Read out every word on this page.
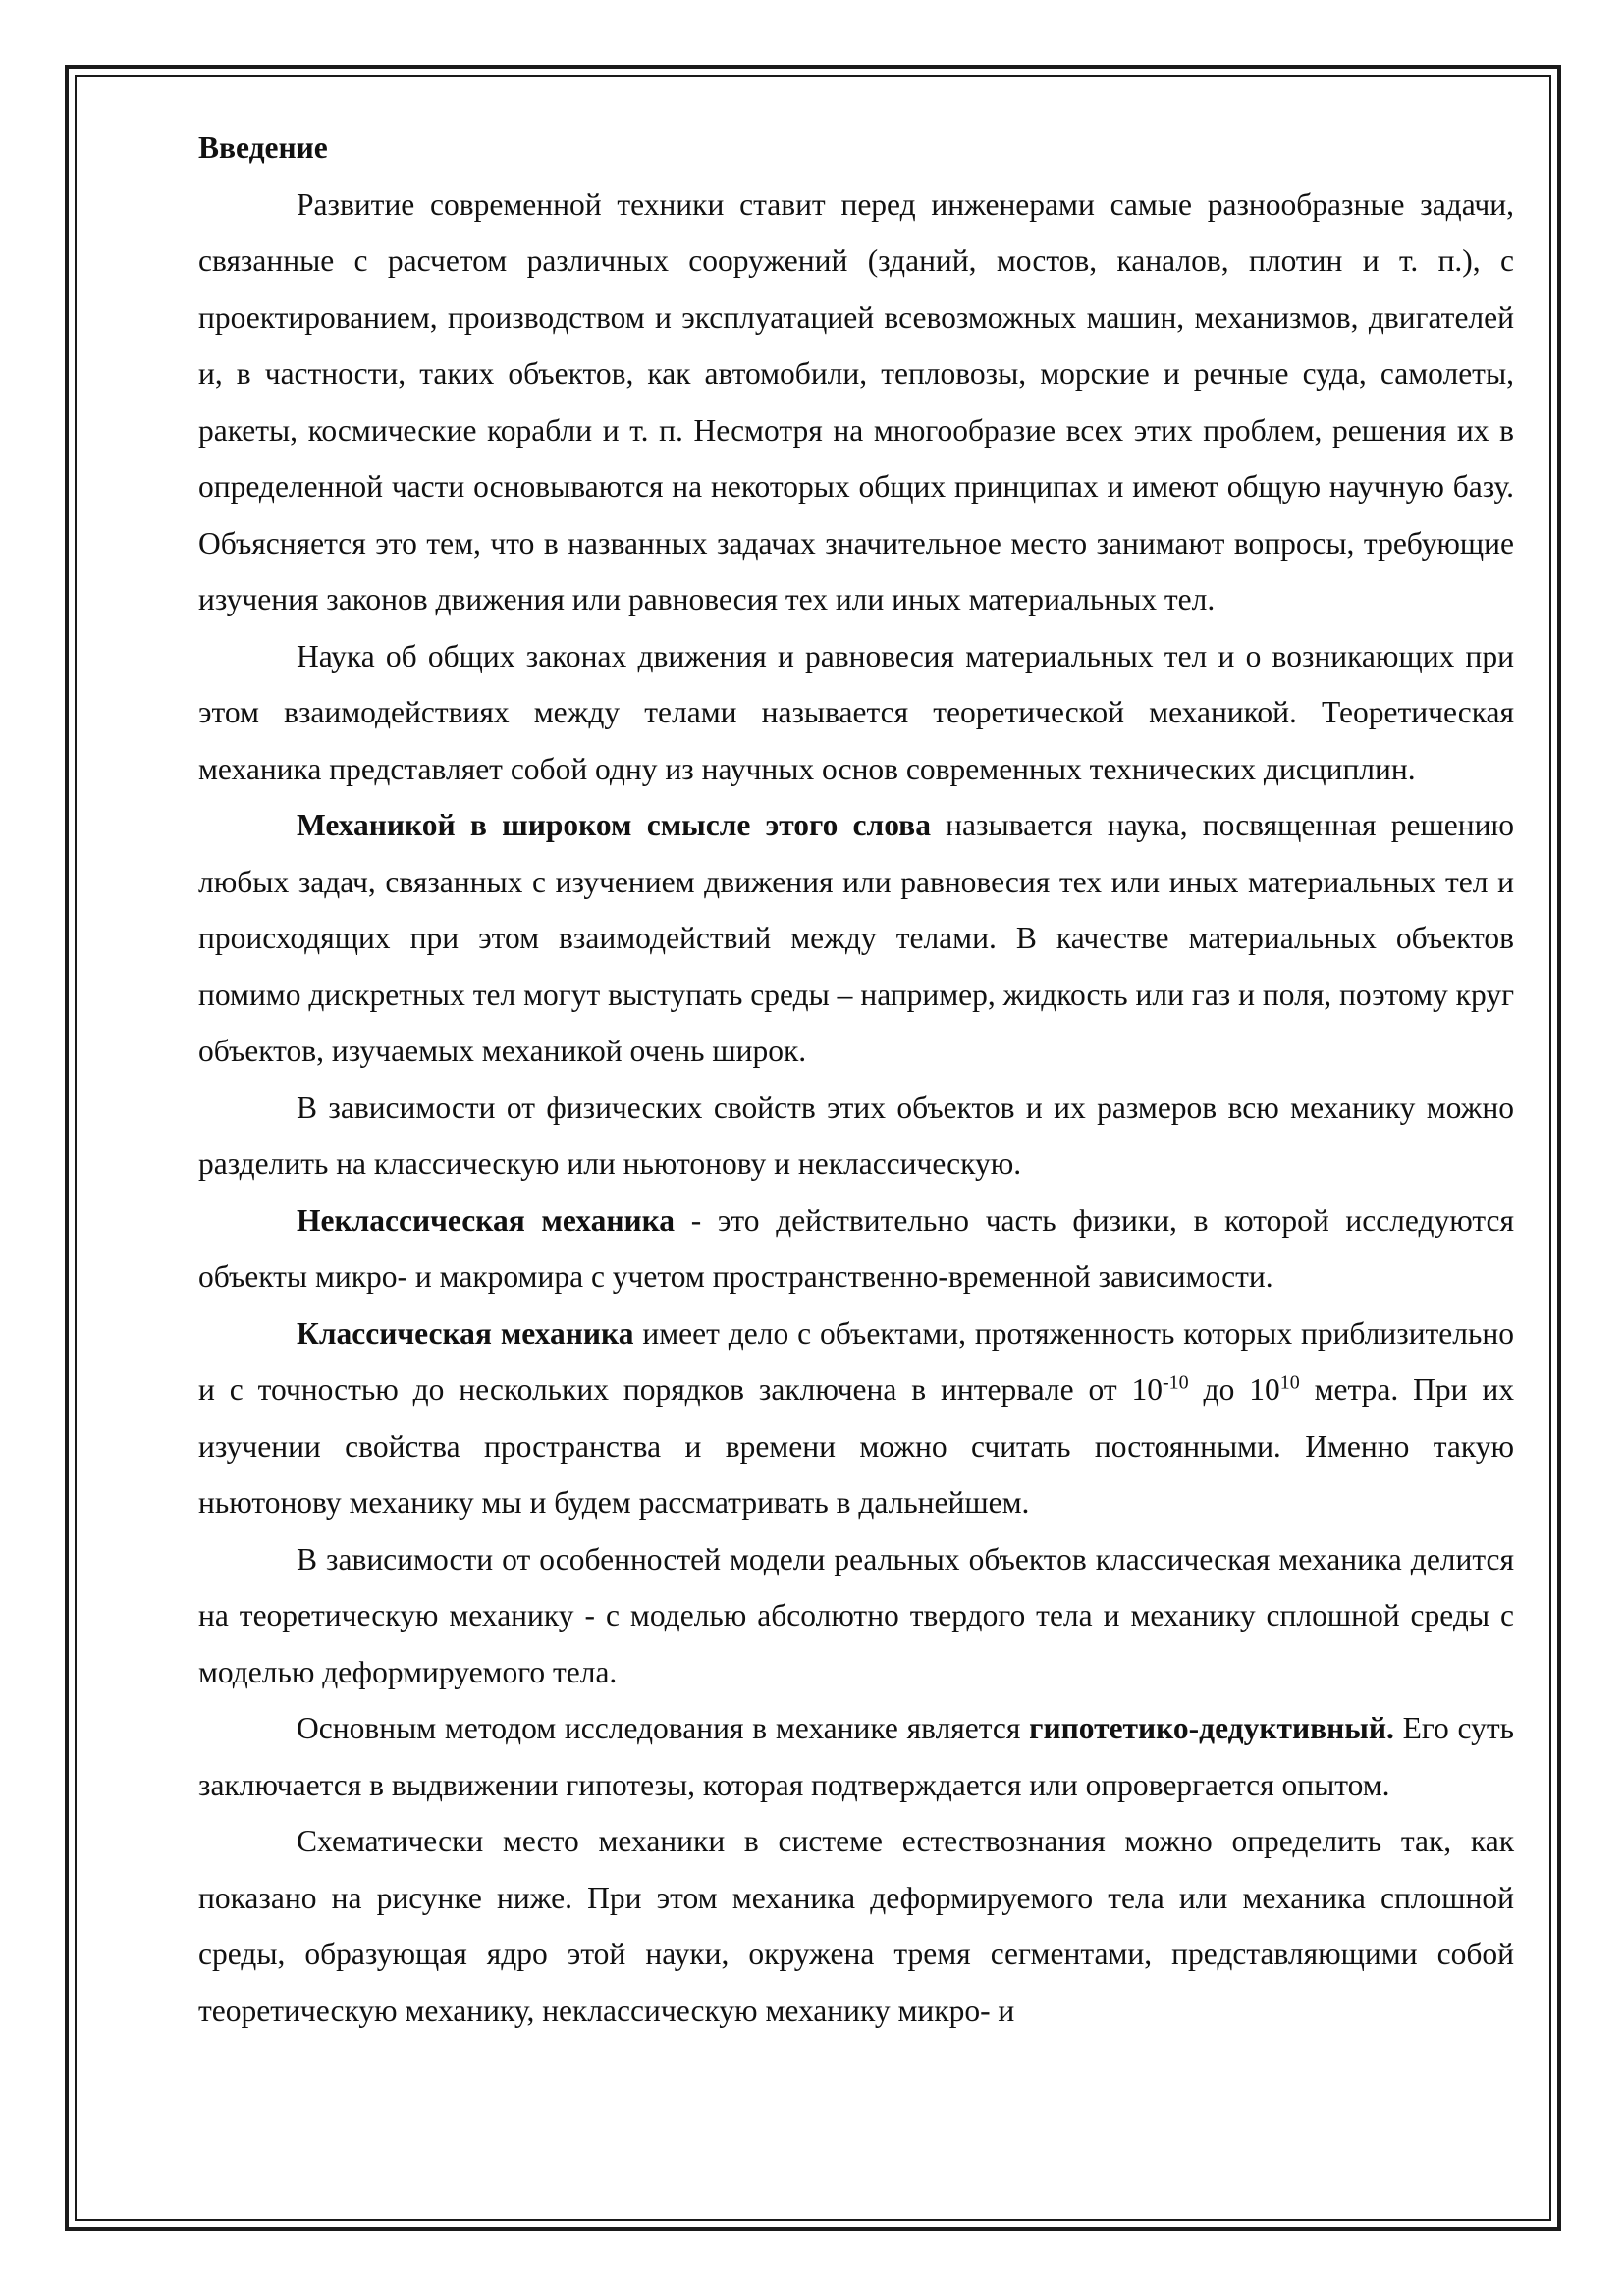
Введение

Развитие современной техники ставит перед инженерами самые разнообразные задачи, связанные с расчетом различных сооружений (зданий, мостов, каналов, плотин и т. п.), с проектированием, производством и эксплуатацией всевозможных машин, механизмов, двигателей и, в частности, таких объектов, как автомобили, тепловозы, морские и речные суда, самолеты, ракеты, космические корабли и т. п. Несмотря на многообразие всех этих проблем, решения их в определенной части основываются на некоторых общих принципах и имеют общую научную базу. Объясняется это тем, что в названных задачах значительное место занимают вопросы, требующие изучения законов движения или равновесия тех или иных материальных тел.

Наука об общих законах движения и равновесия материальных тел и о возникающих при этом взаимодействиях между телами называется теоретической механикой. Теоретическая механика представляет собой одну из научных основ современных технических дисциплин.

Механикой в широком смысле этого слова называется наука, посвященная решению любых задач, связанных с изучением движения или равновесия тех или иных материальных тел и происходящих при этом взаимодействий между телами. В качестве материальных объектов помимо дискретных тел могут выступать среды – например, жидкость или газ и поля, поэтому круг объектов, изучаемых механикой очень широк.

В зависимости от физических свойств этих объектов и их размеров всю механику можно разделить на классическую или ньютонову и неклассическую.

Неклассическая механика - это действительно часть физики, в которой исследуются объекты микро- и макромира с учетом пространственно-временной зависимости.

Классическая механика имеет дело с объектами, протяженность которых приблизительно и с точностью до нескольких порядков заключена в интервале от $10^{-10}$ до $10^{10}$ метра. При их изучении свойства пространства и времени можно считать постоянными. Именно такую ньютонову механику мы и будем рассматривать в дальнейшем.

В зависимости от особенностей модели реальных объектов классическая механика делится на теоретическую механику - с моделью абсолютно твердого тела и механику сплошной среды с моделью деформируемого тела.

Основным методом исследования в механике является гипотетико-дедуктивный. Его суть заключается в выдвижении гипотезы, которая подтверждается или опровергается опытом.

Схематически место механики в системе естествознания можно определить так, как показано на рисунке ниже. При этом механика деформируемого тела или механика сплошной среды, образующая ядро этой науки, окружена тремя сегментами, представляющими собой теоретическую механику, неклассическую механику микро- и
